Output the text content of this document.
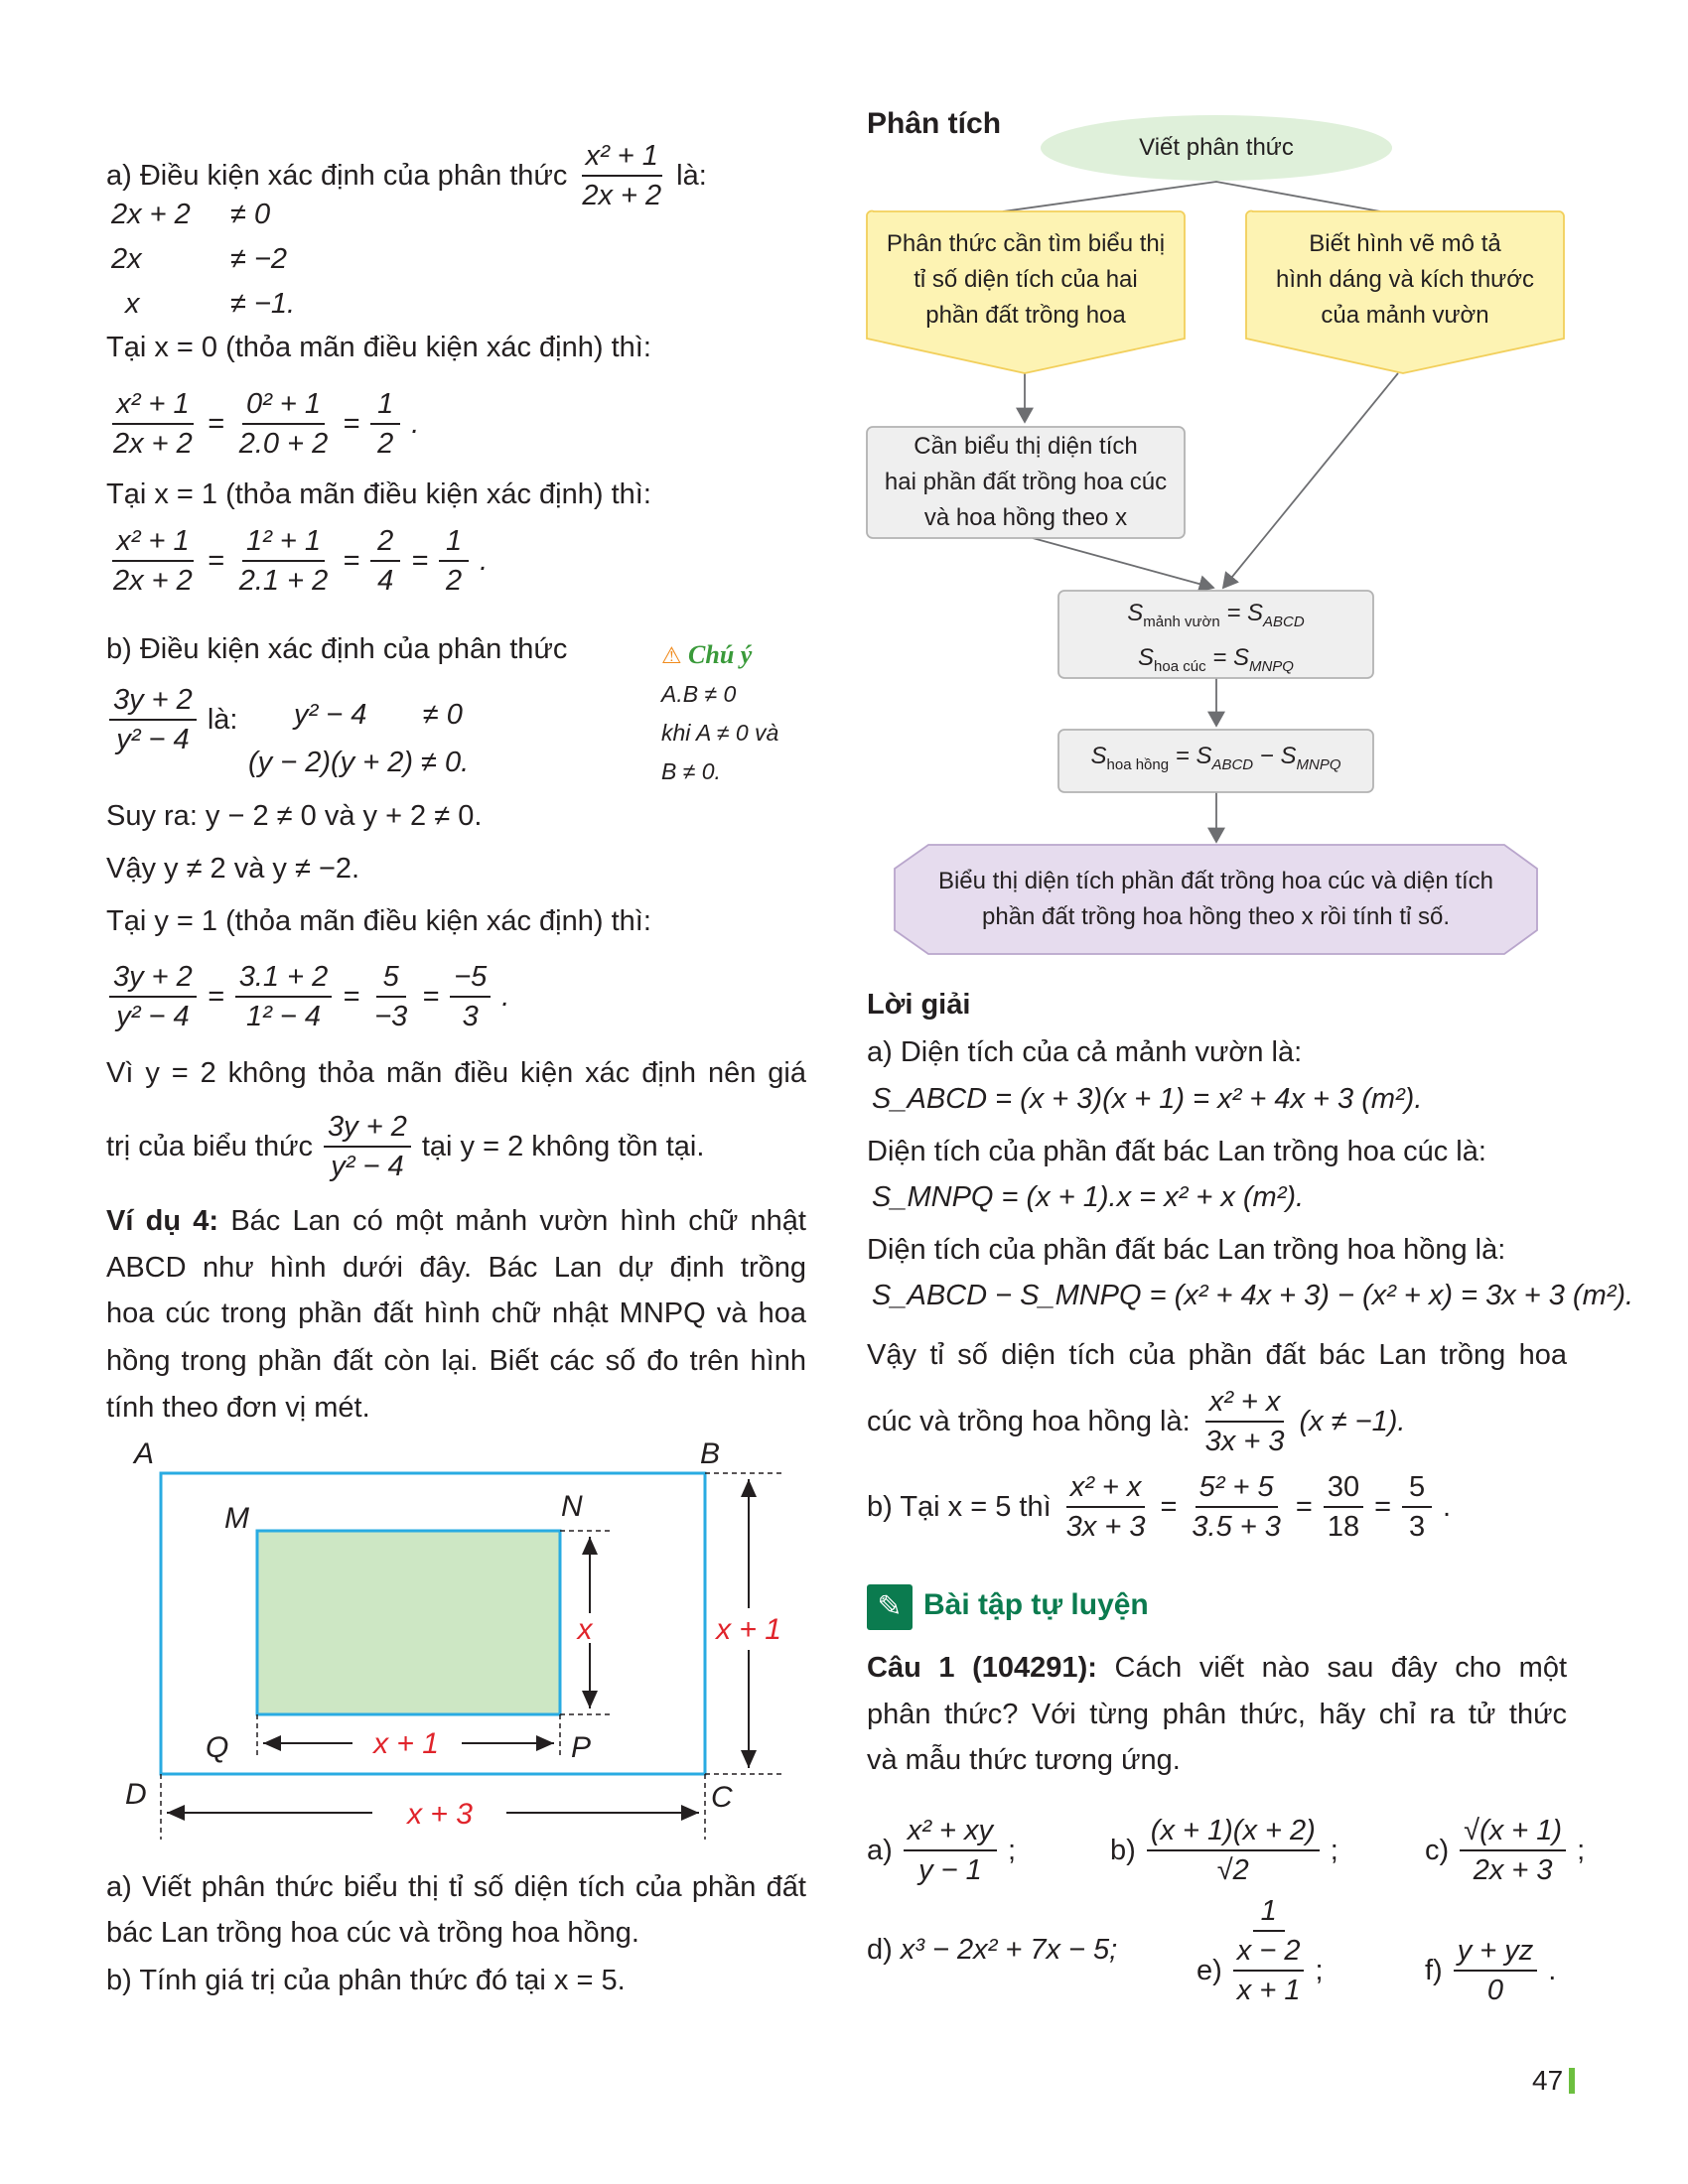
a) Điều kiện xác định của phân thức $\frac{\text{x² + 1}}{2x + 2}$ là:
2x + 2	≠ 0
2x	≠ −2
x	≠ −1.
Tại x = 0 (thỏa mãn điều kiện xác định) thì:
$\frac{\text{x² + 1}}{2x + 2} = \frac{\text{0² + 1}}{2.0 + 2} = \frac{1}{2}$ .
Tại x = 1 (thỏa mãn điều kiện xác định) thì:
$\frac{\text{x² + 1}}{2x + 2} = \frac{\text{1² + 1}}{2.1 + 2} = \frac{2}{4} = \frac{1}{2}$ .
b) Điều kiện xác định của phân thức
$\frac{3y + 2}{\text{y² − 4}}$ là: y² − 4       ≠ 0
(y − 2)(y + 2) ≠ 0.
⚠ Chú ý
A.B ≠ 0
khi A ≠ 0 và
B ≠ 0.
Suy ra: y − 2 ≠ 0 và y + 2 ≠ 0.
Vậy y ≠ 2 và y ≠ −2.
Tại y = 1 (thỏa mãn điều kiện xác định) thì:
$\frac{3y + 2}{\text{y² − 4}} = \frac{3.1 + 2}{\text{1² − 4}} = \frac{5}{-3} = \frac{-5}{3}$ .
Vì y = 2 không thỏa mãn điều kiện xác định nên giá
trị của biểu thức $\frac{3y + 2}{\text{y² − 4}}$ tại y = 2 không tồn tại.
Ví dụ 4: Bác Lan có một mảnh vườn hình chữ nhật
ABCD như hình dưới đây. Bác Lan dự định trồng
hoa cúc trong phần đất hình chữ nhật MNPQ và hoa
hồng trong phần đất còn lại. Biết các số đo trên hình
tính theo đơn vị mét.
A	B
M	N
Q	P
D	C
x + 1
x
x + 1
x + 3
a) Viết phân thức biểu thị tỉ số diện tích của phần đất
bác Lan trồng hoa cúc và trồng hoa hồng.
b) Tính giá trị của phân thức đó tại x = 5.
Phân tích
Viết phân thức
Phân thức cần tìm biểu thị
tỉ số diện tích của hai
phần đất trồng hoa
Biết hình vẽ mô tả
hình dáng và kích thước
của mảnh vườn
Cần biểu thị diện tích
hai phần đất trồng hoa cúc
và hoa hồng theo x
$S_{mảnh vườn} = S_{ABCD}$
$S_{hoa cúc} = S_{MNPQ}$
$S_{hoa hồng} = S_{ABCD} - S_{MNPQ}$
Biểu thị diện tích phần đất trồng hoa cúc và diện tích
phần đất trồng hoa hồng theo x rồi tính tỉ số.
Lời giải
a) Diện tích của cả mảnh vườn là:
S_ABCD = (x + 3)(x + 1) = x² + 4x + 3 (m²).
Diện tích của phần đất bác Lan trồng hoa cúc là:
S_MNPQ = (x + 1).x = x² + x (m²).
Diện tích của phần đất bác Lan trồng hoa hồng là:
S_ABCD − S_MNPQ = (x² + 4x + 3) − (x² + x) = 3x + 3 (m²).
Vậy tỉ số diện tích của phần đất bác Lan trồng hoa
cúc và trồng hoa hồng là: $\frac{\text{x² + x}}{3x + 3} (x \ne -1)$.
b) Tại x = 5 thì $\frac{\text{x² + x}}{3x + 3} = \frac{\text{5² + 5}}{3.5 + 3} = \frac{30}{18} = \frac{5}{3}$ .
✎ Bài tập tự luyện
Câu 1 (104291): Cách viết nào sau đây cho một
phân thức? Với từng phân thức, hãy chỉ ra tử thức
và mẫu thức tương ứng.
$a) \frac{\text{x² + xy}}{y - 1}$ ;	$b) \frac{(x + 1)(x + 2)}{√2}$ ;	$c) \frac{√(x + 1)}{2x + 3}$ ;
d) x³ − 2x² + 7x − 5;
$e) \frac{\frac{1}{x - 2}}{x + 1}$ ;	$f) \frac{y + yz}{0}$ .
47
